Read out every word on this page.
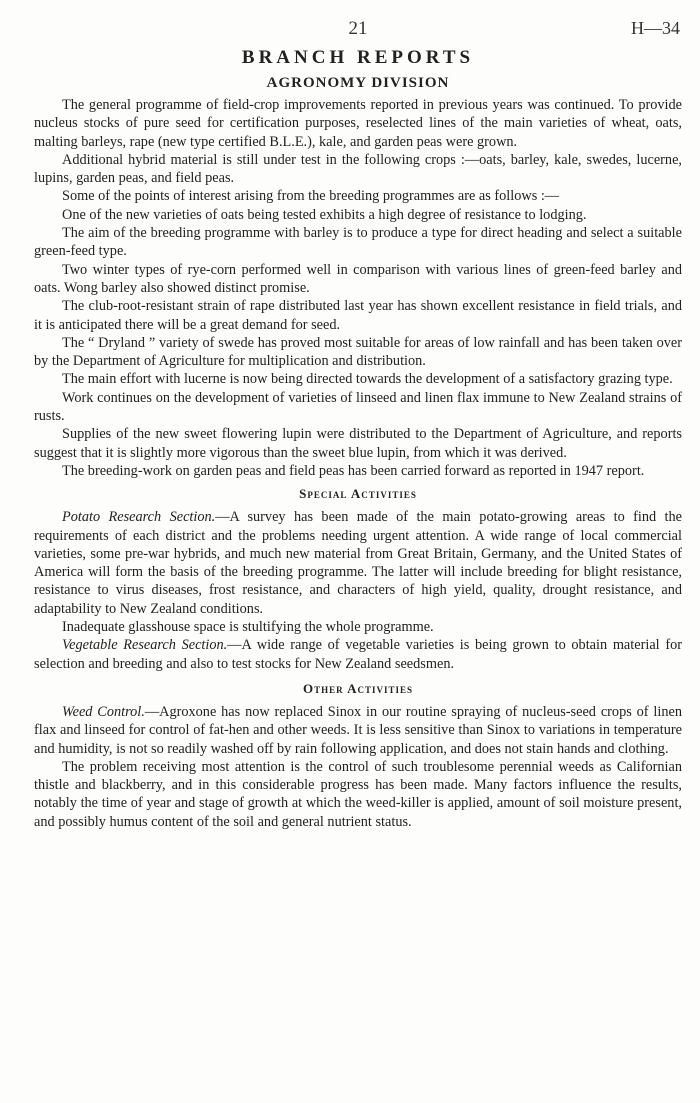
21	H—34
BRANCH REPORTS
AGRONOMY DIVISION

The general programme of field-crop improvements reported in previous years was continued. To provide nucleus stocks of pure seed for certification purposes, reselected lines of the main varieties of wheat, oats, malting barleys, rape (new type certified B.L.E.), kale, and garden peas were grown.

Additional hybrid material is still under test in the following crops :—oats, barley, kale, swedes, lucerne, lupins, garden peas, and field peas.

Some of the points of interest arising from the breeding programmes are as follows :—

One of the new varieties of oats being tested exhibits a high degree of resistance to lodging.

The aim of the breeding programme with barley is to produce a type for direct heading and select a suitable green-feed type.

Two winter types of rye-corn performed well in comparison with various lines of green-feed barley and oats. Wong barley also showed distinct promise.

The club-root-resistant strain of rape distributed last year has shown excellent resistance in field trials, and it is anticipated there will be a great demand for seed.

The “ Dryland ” variety of swede has proved most suitable for areas of low rainfall and has been taken over by the Department of Agriculture for multiplication and distribution.

The main effort with lucerne is now being directed towards the development of a satisfactory grazing type.

Work continues on the development of varieties of linseed and linen flax immune to New Zealand strains of rusts.

Supplies of the new sweet flowering lupin were distributed to the Department of Agriculture, and reports suggest that it is slightly more vigorous than the sweet blue lupin, from which it was derived.

The breeding-work on garden peas and field peas has been carried forward as reported in 1947 report.

Special Activities

Potato Research Section.—A survey has been made of the main potato-growing areas to find the requirements of each district and the problems needing urgent attention. A wide range of local commercial varieties, some pre-war hybrids, and much new material from Great Britain, Germany, and the United States of America will form the basis of the breeding programme. The latter will include breeding for blight resistance, resistance to virus diseases, frost resistance, and characters of high yield, quality, drought resistance, and adaptability to New Zealand conditions.

Inadequate glasshouse space is stultifying the whole programme.

Vegetable Research Section.—A wide range of vegetable varieties is being grown to obtain material for selection and breeding and also to test stocks for New Zealand seedsmen.

Other Activities

Weed Control.—Agroxone has now replaced Sinox in our routine spraying of nucleus-seed crops of linen flax and linseed for control of fat-hen and other weeds. It is less sensitive than Sinox to variations in temperature and humidity, is not so readily washed off by rain following application, and does not stain hands and clothing.

The problem receiving most attention is the control of such troublesome perennial weeds as Californian thistle and blackberry, and in this considerable progress has been made. Many factors influence the results, notably the time of year and stage of growth at which the weed-killer is applied, amount of soil moisture present, and possibly humus content of the soil and general nutrient status.
